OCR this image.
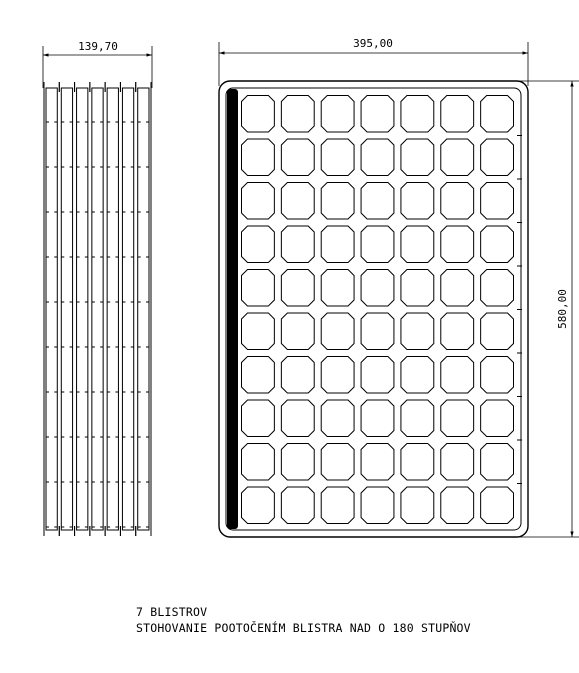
139,70	395,00
580,00
BLISTER - RETOUR AM EUROTRONI
7 BLISTROV
STOHOVANIE POOTOČENÍM BLISTRA NAD O 180 STUPŇOV
